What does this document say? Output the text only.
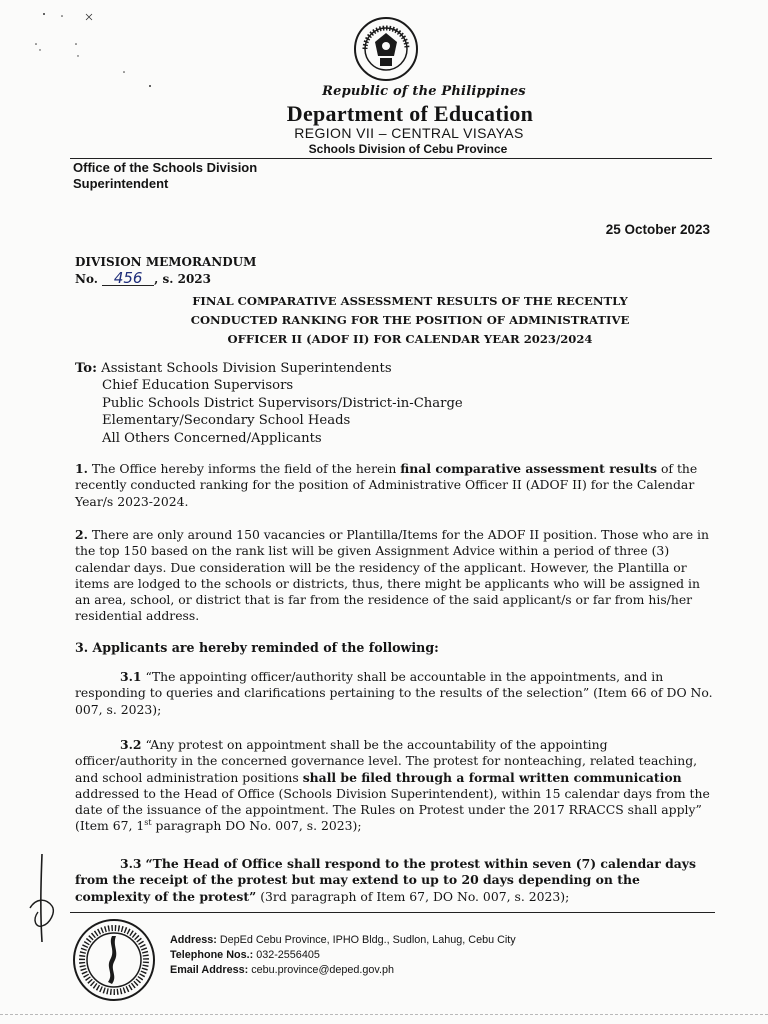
Republic of the Philippines
Department of Education
REGION VII – CENTRAL VISAYAS
Schools Division of Cebu Province
Office of the Schools Division
Superintendent
25 October 2023
DIVISION MEMORANDUM
No. 456 , s. 2023
FINAL COMPARATIVE ASSESSMENT RESULTS OF THE RECENTLY
CONDUCTED RANKING FOR THE POSITION OF ADMINISTRATIVE
OFFICER II (ADOF II) FOR CALENDAR YEAR 2023/2024
To: Assistant Schools Division Superintendents
Chief Education Supervisors
Public Schools District Supervisors/District-in-Charge
Elementary/Secondary School Heads
All Others Concerned/Applicants
1. The Office hereby informs the field of the herein final comparative assessment results of the recently conducted ranking for the position of Administrative Officer II (ADOF II) for the Calendar Year/s 2023-2024.
2. There are only around 150 vacancies or Plantilla/Items for the ADOF II position. Those who are in the top 150 based on the rank list will be given Assignment Advice within a period of three (3) calendar days. Due consideration will be the residency of the applicant. However, the Plantilla or items are lodged to the schools or districts, thus, there might be applicants who will be assigned in an area, school, or district that is far from the residence of the said applicant/s or far from his/her residential address.
3. Applicants are hereby reminded of the following:
3.1 “The appointing officer/authority shall be accountable in the appointments, and in responding to queries and clarifications pertaining to the results of the selection” (Item 66 of DO No. 007, s. 2023);
3.2 “Any protest on appointment shall be the accountability of the appointing officer/authority in the concerned governance level. The protest for nonteaching, related teaching, and school administration positions shall be filed through a formal written communication addressed to the Head of Office (Schools Division Superintendent), within 15 calendar days from the date of the issuance of the appointment. The Rules on Protest under the 2017 RRACCS shall apply” (Item 67, 1st paragraph DO No. 007, s. 2023);
3.3 “The Head of Office shall respond to the protest within seven (7) calendar days from the receipt of the protest but may extend to up to 20 days depending on the complexity of the protest” (3rd paragraph of Item 67, DO No. 007, s. 2023);
Address: DepEd Cebu Province, IPHO Bldg., Sudlon, Lahug, Cebu City
Telephone Nos.: 032-2556405
Email Address: cebu.province@deped.gov.ph
